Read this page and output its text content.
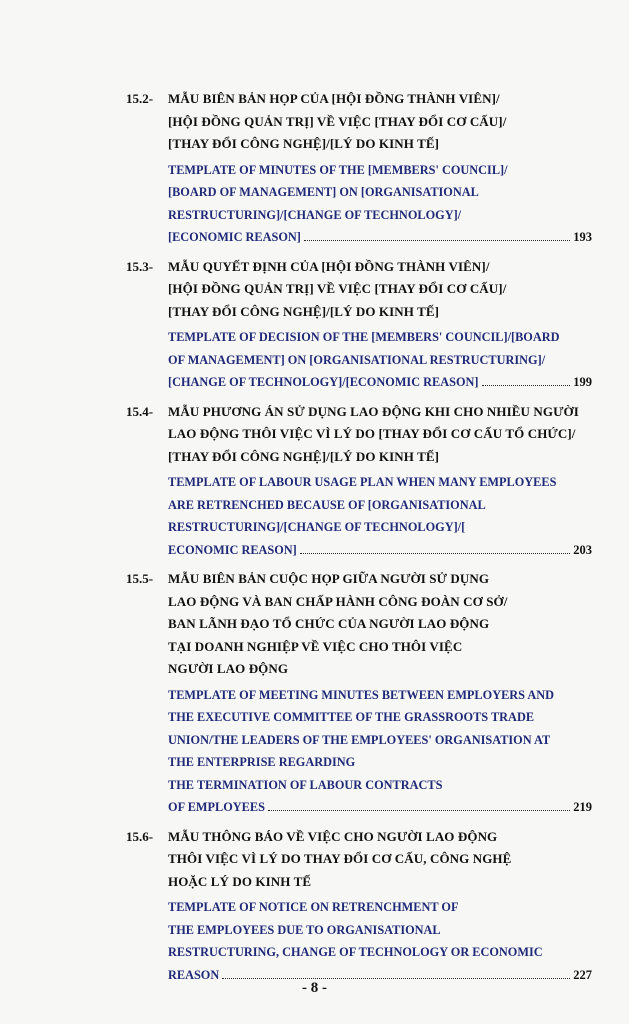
15.2- MẪU BIÊN BẢN HỌP CỦA [HỘI ĐỒNG THÀNH VIÊN]/
[HỘI ĐỒNG QUẢN TRỊ] VỀ VIỆC [THAY ĐỔI CƠ CẤU]/
[THAY ĐỔI CÔNG NGHỆ]/[LÝ DO KINH TẾ]
TEMPLATE OF MINUTES OF THE [MEMBERS' COUNCIL]/
[BOARD OF MANAGEMENT] ON [ORGANISATIONAL
RESTRUCTURING]/[CHANGE OF TECHNOLOGY]/
[ECONOMIC REASON]	193
15.3- MẪU QUYẾT ĐỊNH CỦA [HỘI ĐỒNG THÀNH VIÊN]/
[HỘI ĐỒNG QUẢN TRỊ] VỀ VIỆC [THAY ĐỔI CƠ CẤU]/
[THAY ĐỔI CÔNG NGHỆ]/[LÝ DO KINH TẾ]
TEMPLATE OF DECISION OF THE [MEMBERS' COUNCIL]/[BOARD
OF MANAGEMENT] ON [ORGANISATIONAL RESTRUCTURING]/
[CHANGE OF TECHNOLOGY]/[ECONOMIC REASON]	199
15.4- MẪU PHƯƠNG ÁN SỬ DỤNG LAO ĐỘNG KHI CHO NHIỀU NGƯỜI
LAO ĐỘNG THÔI VIỆC VÌ LÝ DO [THAY ĐỔI CƠ CẤU TỔ CHỨC]/
[THAY ĐỔI CÔNG NGHỆ]/[LÝ DO KINH TẾ]
TEMPLATE OF LABOUR USAGE PLAN WHEN MANY EMPLOYEES
ARE RETRENCHED BECAUSE OF [ORGANISATIONAL
RESTRUCTURING]/[CHANGE OF TECHNOLOGY]/[
ECONOMIC REASON]	203
15.5- MẪU BIÊN BẢN CUỘC HỌP GIỮA NGƯỜI SỬ DỤNG
LAO ĐỘNG VÀ BAN CHẤP HÀNH CÔNG ĐOÀN CƠ SỞ/
BAN LÃNH ĐẠO TỔ CHỨC CỦA NGƯỜI LAO ĐỘNG
TẠI DOANH NGHIỆP VỀ VIỆC CHO THÔI VIỆC
NGƯỜI LAO ĐỘNG
TEMPLATE OF MEETING MINUTES BETWEEN EMPLOYERS AND
THE EXECUTIVE COMMITTEE OF THE GRASSROOTS TRADE
UNION/THE LEADERS OF THE EMPLOYEES' ORGANISATION AT
THE ENTERPRISE REGARDING
THE TERMINATION OF LABOUR CONTRACTS
OF EMPLOYEES	219
15.6- MẪU THÔNG BÁO VỀ VIỆC CHO NGƯỜI LAO ĐỘNG
THÔI VIỆC VÌ LÝ DO THAY ĐỔI CƠ CẤU, CÔNG NGHỆ
HOẶC LÝ DO KINH TẾ
TEMPLATE OF NOTICE ON RETRENCHMENT OF
THE EMPLOYEES DUE TO ORGANISATIONAL
RESTRUCTURING, CHANGE OF TECHNOLOGY OR ECONOMIC
REASON	227
- 8 -
